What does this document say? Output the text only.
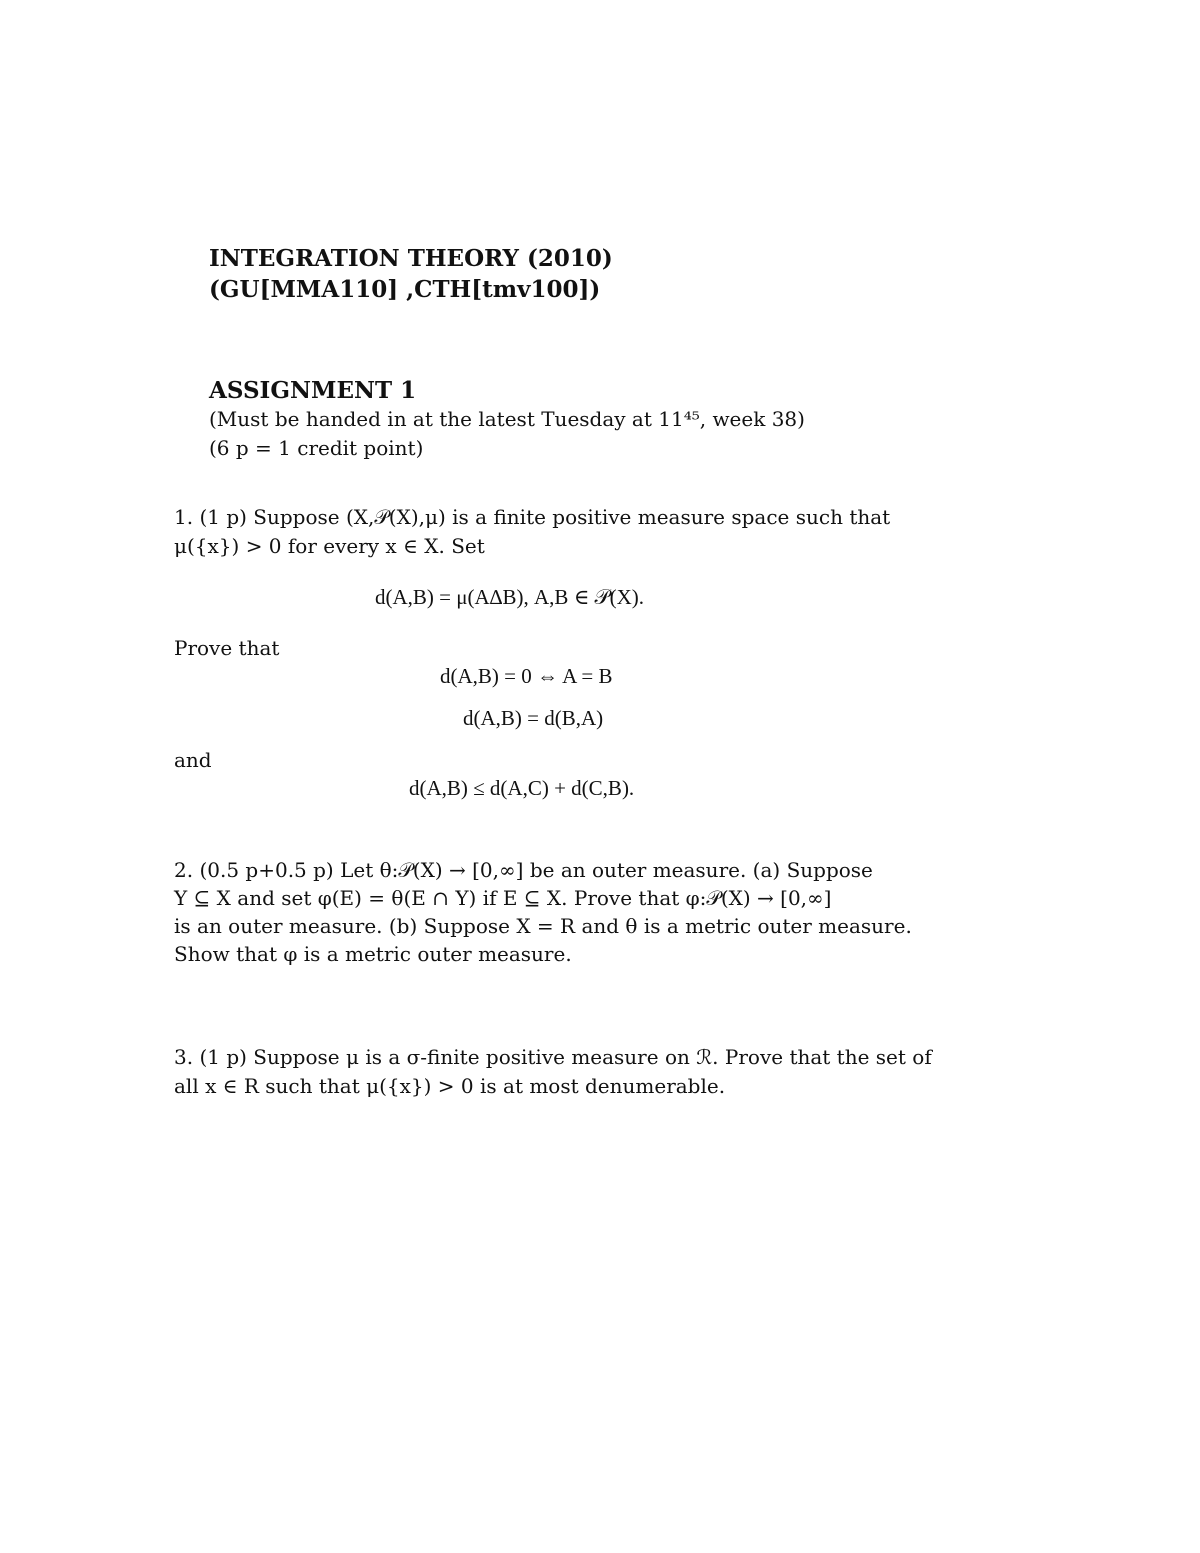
INTEGRATION THEORY (2010)
(GU[MMA110] ,CTH[tmv100])
ASSIGNMENT 1
(Must be handed in at the latest Tuesday at 11⁴⁵, week 38)
(6 p = 1 credit point)
1. (1 p) Suppose (X,𝒫(X),μ) is a finite positive measure space such that
μ({x}) > 0 for every x ∈ X. Set
d(A,B) = μ(A∆B), A,B ∈ 𝒫(X).
Prove that
d(A,B) = 0 ⇔ A = B
d(A,B) = d(B,A)
and
d(A,B) ≤ d(A,C) + d(C,B).
2. (0.5 p+0.5 p) Let θ:𝒫(X) → [0,∞] be an outer measure. (a) Suppose
Y ⊆ X and set φ(E) = θ(E ∩ Y) if E ⊆ X. Prove that φ:𝒫(X) → [0,∞]
is an outer measure. (b) Suppose X = R and θ is a metric outer measure.
Show that φ is a metric outer measure.
3. (1 p) Suppose μ is a σ-finite positive measure on ℛ. Prove that the set of
all x ∈ R such that μ({x}) > 0 is at most denumerable.
